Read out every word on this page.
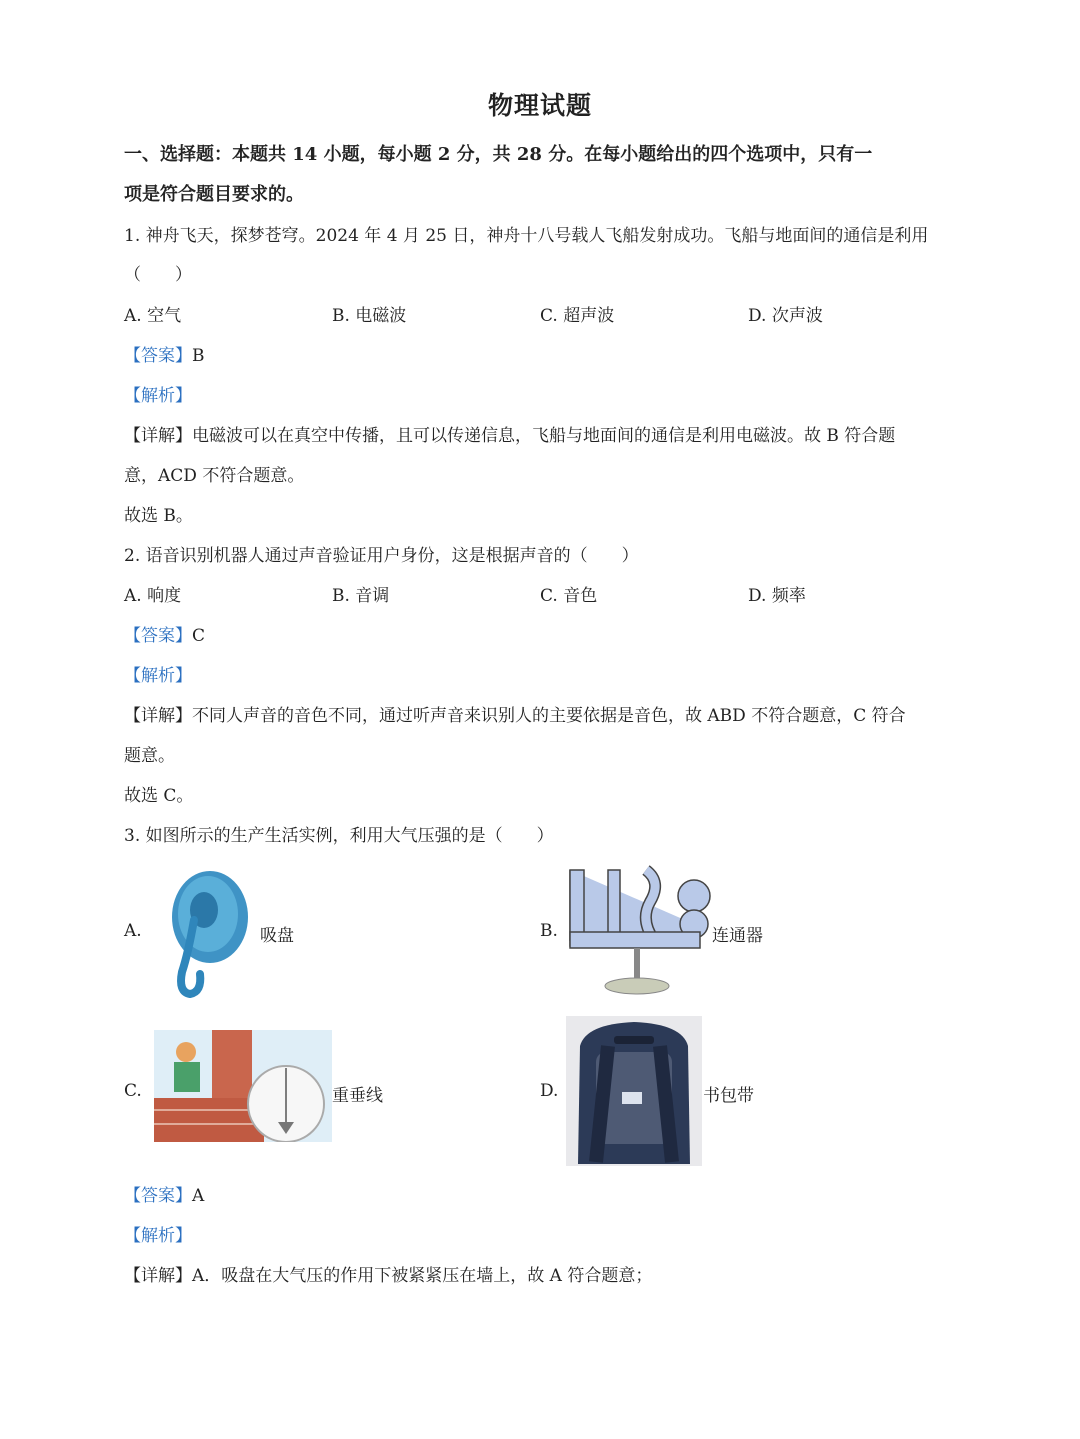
物理试题
一、选择题：本题共 14 小题，每小题 2 分，共 28 分。在每小题给出的四个选项中，只有一
项是符合题目要求的。
1. 神舟飞天，探梦苍穹。2024 年 4 月 25 日，神舟十八号载人飞船发射成功。飞船与地面间的通信是利用
（　　）
A. 空气	B. 电磁波	C. 超声波	D. 次声波
【答案】B
【解析】
【详解】电磁波可以在真空中传播，且可以传递信息，飞船与地面间的通信是利用电磁波。故 B 符合题
意，ACD 不符合题意。
故选 B。
2. 语音识别机器人通过声音验证用户身份，这是根据声音的（　　）
A. 响度	B. 音调	C. 音色	D. 频率
【答案】C
【解析】
【详解】不同人声音的音色不同，通过听声音来识别人的主要依据是音色，故 ABD 不符合题意，C 符合
题意。
故选 C。
3. 如图所示的生产生活实例，利用大气压强的是（　　）
A.	吸盘	B.	连通器
C.	重垂线	D.	书包带
【答案】A
【解析】
【详解】A．吸盘在大气压的作用下被紧紧压在墙上，故 A 符合题意；
